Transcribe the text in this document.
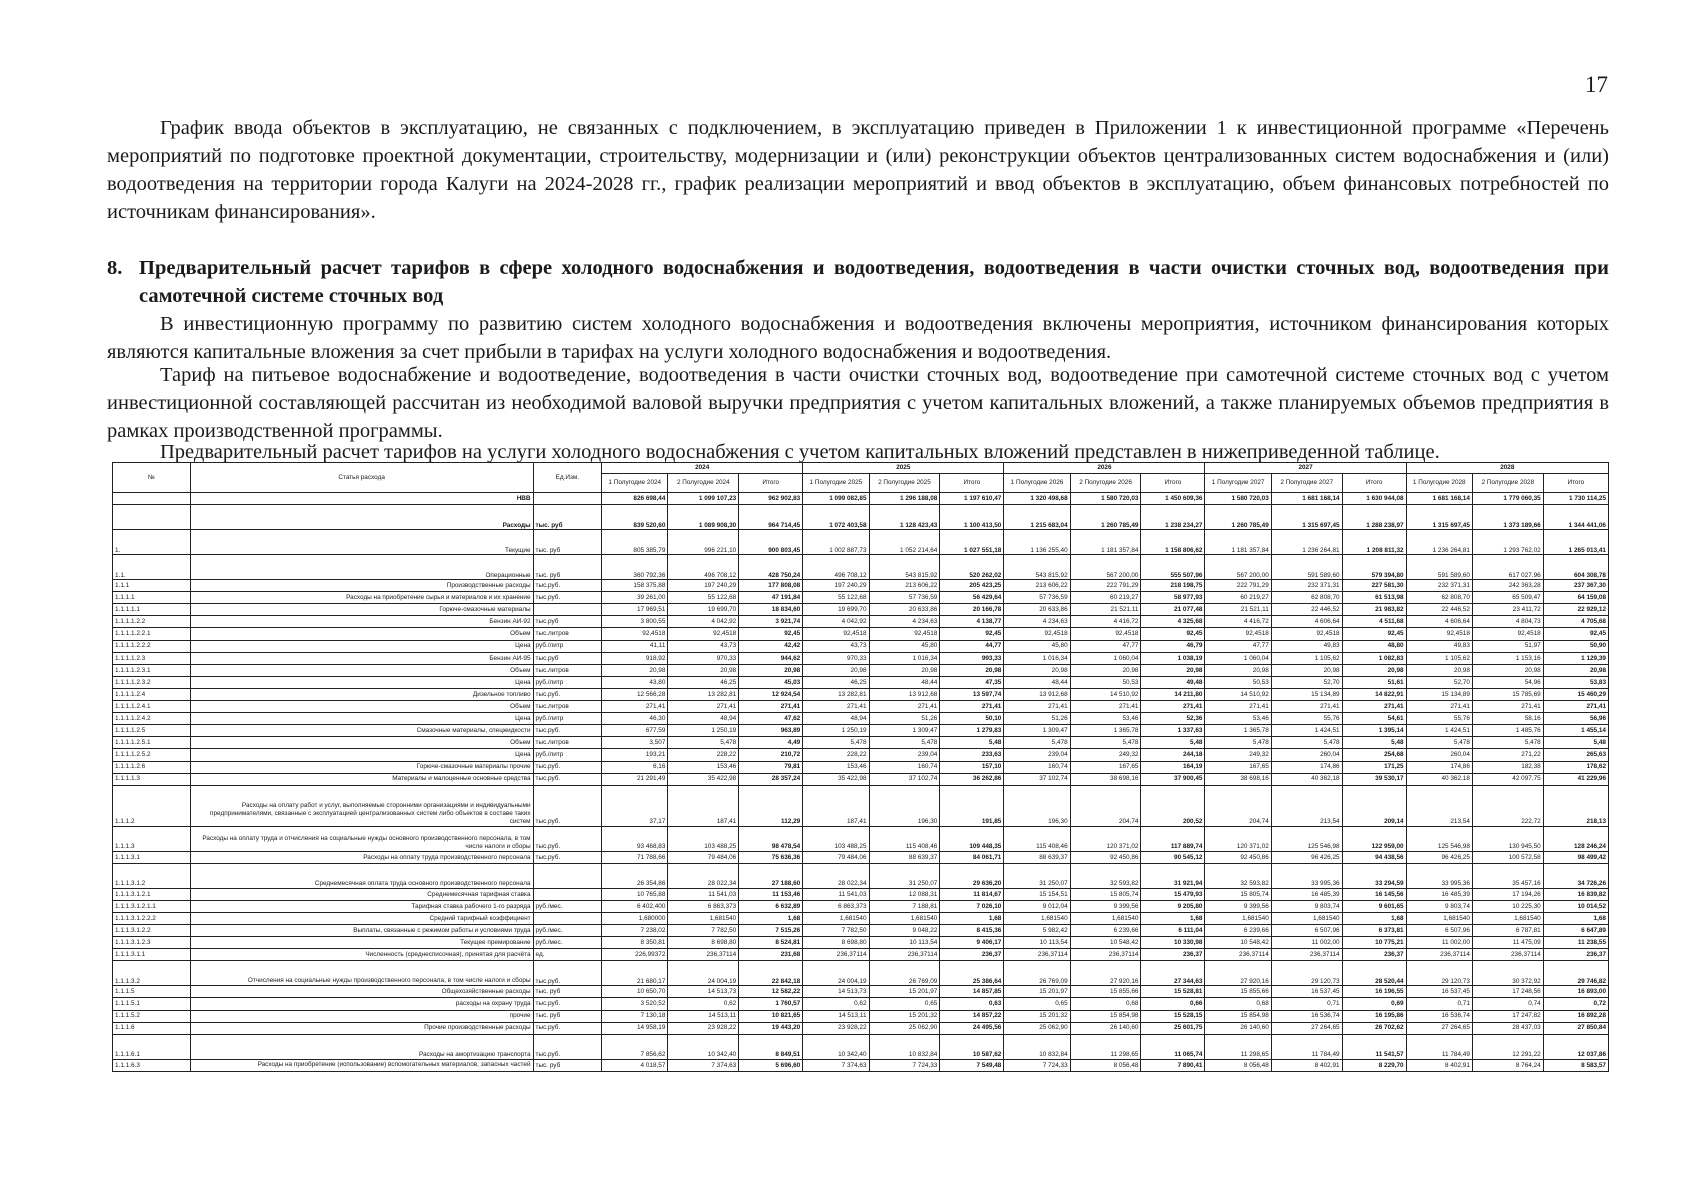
17

График ввода объектов в эксплуатацию, не связанных с подключением, в эксплуатацию приведен в Приложении 1 к инвестиционной программе «Перечень мероприятий по подготовке проектной документации, строительству, модернизации и (или) реконструкции объектов централизованных систем водоснабжения и (или) водоотведения на территории города Калуги на 2024-2028 гг., график реализации мероприятий и ввод объектов в эксплуатацию, объем финансовых потребностей по источникам финансирования».

8. Предварительный расчет тарифов в сфере холодного водоснабжения и водоотведения, водоотведения в части очистки сточных вод, водоотведения при самотечной системе сточных вод

В инвестиционную программу по развитию систем холодного водоснабжения и водоотведения включены мероприятия, источником финансирования которых являются капитальные вложения за счет прибыли в тарифах на услуги холодного водоснабжения и водоотведения.

Тариф на питьевое водоснабжение и водоотведение, водоотведения в части очистки сточных вод, водоотведение при самотечной системе сточных вод с учетом инвестиционной составляющей рассчитан из необходимой валовой выручки предприятия с учетом капитальных вложений, а также планируемых объемов предприятия в рамках производственной программы.

Предварительный расчет тарифов на услуги холодного водоснабжения с учетом капитальных вложений представлен в нижеприведенной таблице.

№	Статья расхода	Ед.Изм.	2024			2025			2026			2027			2028		
			1 Полугодие 2024	2 Полугодие 2024	Итого	1 Полугодие 2025	2 Полугодие 2025	Итого	1 Полугодие 2026	2 Полугодие 2026	Итого	1 Полугодие 2027	2 Полугодие 2027	Итого	1 Полугодие 2028	2 Полугодие 2028	Итого
	НВВ		826 698,44	1 099 107,23	962 902,83	1 099 082,85	1 296 188,08	1 197 610,47	1 320 498,68	1 580 720,03	1 450 609,36	1 580 720,03	1 681 168,14	1 630 944,08	1 681 168,14	1 779 060,35	1 730 114,25
	Расходы	тыс. руб	839 520,60	1 089 908,30	964 714,45	1 072 403,58	1 128 423,43	1 100 413,50	1 215 683,04	1 260 785,49	1 238 234,27	1 260 785,49	1 315 697,45	1 288 238,97	1 315 697,45	1 373 189,66	1 344 441,06
1.	Текущие	тыс. руб	805 385,79	996 221,10	900 803,45	1 002 887,73	1 052 214,64	1 027 551,18	1 136 255,40	1 181 357,84	1 158 806,62	1 181 357,84	1 236 264,81	1 208 811,32	1 236 264,81	1 293 762,02	1 265 013,41
1.1.	Операционные	тыс. руб	360 792,36	496 708,12	428 750,24	496 708,12	543 815,92	520 262,02	543 815,92	567 200,00	555 507,96	567 200,00	591 589,60	579 394,80	591 589,60	617 027,96	604 308,78
1.1.1	Производственные расходы	тыс.руб.	158 375,88	197 240,29	177 808,08	197 240,29	213 606,22	205 423,25	213 606,22	222 791,29	218 198,75	222 791,29	232 371,31	227 581,30	232 371,31	242 363,28	237 367,30
1.1.1.1	Расходы на приобретение сырья и материалов и их хранение	тыс.руб.	39 261,00	55 122,68	47 191,84	55 122,68	57 736,59	56 429,64	57 736,59	60 219,27	58 977,93	60 219,27	62 808,70	61 513,98	62 808,70	65 509,47	64 159,08
1.1.1.1.1	Горюче-смазочные материалы		17 969,51	19 699,70	18 834,60	19 699,70	20 633,86	20 166,78	20 633,86	21 521,11	21 077,48	21 521,11	22 446,52	21 983,82	22 446,52	23 411,72	22 929,12
1.1.1.1.2.2	Бензин АИ-92	тыс.руб	3 800,55	4 042,92	3 921,74	4 042,92	4 234,63	4 138,77	4 234,63	4 416,72	4 325,68	4 416,72	4 606,64	4 511,68	4 606,64	4 804,73	4 705,68
1.1.1.1.2.2.1	Объем	тыс.литров	92,4518	92,4518	92,45	92,4518	92,4518	92,45	92,4518	92,4518	92,45	92,4518	92,4518	92,45	92,4518	92,4518	92,45
1.1.1.1.2.2.2	Цена	руб./литр	41,11	43,73	42,42	43,73	45,80	44,77	45,80	47,77	46,79	47,77	49,83	48,80	49,83	51,97	50,90
1.1.1.1.2.3	Бензин АИ-95	тыс.руб	918,92	970,33	944,62	970,33	1 016,34	993,33	1 016,34	1 060,04	1 038,19	1 060,04	1 105,62	1 082,83	1 105,62	1 153,16	1 129,39
1.1.1.1.2.3.1	Объем	тыс.литров	20,98	20,98	20,98	20,98	20,98	20,98	20,98	20,98	20,98	20,98	20,98	20,98	20,98	20,98	20,98
1.1.1.1.2.3.2	Цена	руб./литр	43,80	46,25	45,03	46,25	48,44	47,35	48,44	50,53	49,48	50,53	52,70	51,61	52,70	54,96	53,83
1.1.1.1.2.4	Дизельное топливо	тыс.руб.	12 566,28	13 282,81	12 924,54	13 282,81	13 912,68	13 597,74	13 912,68	14 510,92	14 211,80	14 510,92	15 134,89	14 822,91	15 134,89	15 785,69	15 460,29
1.1.1.1.2.4.1	Объем	тыс.литров	271,41	271,41	271,41	271,41	271,41	271,41	271,41	271,41	271,41	271,41	271,41	271,41	271,41	271,41	271,41
1.1.1.1.2.4.2	Цена	руб./литр	46,30	48,94	47,62	48,94	51,26	50,10	51,26	53,46	52,36	53,46	55,76	54,61	55,76	58,16	56,96
1.1.1.1.2.5	Смазочные материалы, спецжидкости	тыс.руб.	677,59	1 250,19	963,89	1 250,19	1 309,47	1 279,83	1 309,47	1 365,78	1 337,63	1 365,78	1 424,51	1 395,14	1 424,51	1 485,76	1 455,14
1.1.1.1.2.5.1	Объем	тыс.литров	3,507	5,478	4,49	5,478	5,478	5,48	5,478	5,478	5,48	5,478	5,478	5,48	5,478	5,478	5,48
1.1.1.1.2.5.2	Цена	руб./литр	193,21	228,22	210,72	228,22	239,04	233,63	239,04	249,32	244,18	249,32	260,04	254,68	260,04	271,22	265,63
1.1.1.1.2.6	Горюче-смазочные материалы прочие	тыс.руб.	6,16	153,46	79,81	153,46	160,74	157,10	160,74	167,65	164,19	167,65	174,86	171,25	174,86	182,38	178,62
1.1.1.1.3	Материалы и малоценные основные средства	тыс.руб.	21 291,49	35 422,98	28 357,24	35 422,98	37 102,74	36 262,86	37 102,74	38 698,16	37 900,45	38 698,16	40 362,18	39 530,17	40 362,18	42 097,75	41 229,96
1.1.1.2	Расходы на оплату работ и услуг, выполняемые сторонними организациями и индивидуальными предпринимателями, связанные с эксплуатацией централизованных систем либо объектов в составе таких систем	тыс.руб.	37,17	187,41	112,29	187,41	196,30	191,85	196,30	204,74	200,52	204,74	213,54	209,14	213,54	222,72	218,13
1.1.1.3	Расходы на оплату труда и отчисления на социальные нужды основного производственного персонала, в том числе налоги и сборы	тыс.руб.	93 468,83	103 488,25	98 478,54	103 488,25	115 408,46	109 448,35	115 408,46	120 371,02	117 889,74	120 371,02	125 546,98	122 959,00	125 546,98	130 945,50	128 246,24
1.1.1.3.1	Расходы на оплату труда производственного персонала	тыс.руб.	71 788,66	79 484,06	75 636,36	79 484,06	88 639,37	84 061,71	88 639,37	92 450,86	90 545,12	92 450,86	96 426,25	94 438,56	96 426,25	100 572,58	98 499,42
1.1.1.3.1.2	Среднемесячная оплата труда основного производственного персонала		26 354,86	28 022,34	27 188,60	28 022,34	31 250,07	29 636,20	31 250,07	32 593,82	31 921,94	32 593,82	33 995,36	33 294,59	33 995,36	35 457,16	34 726,26
1.1.1.3.1.2.1	Среднемесячная тарифная ставка		10 765,88	11 541,03	11 153,46	11 541,03	12 088,31	11 814,67	15 154,51	15 805,74	15 479,93	15 805,74	16 485,39	16 145,56	16 485,39	17 194,26	16 839,82
1.1.1.3.1.2.1.1	Тарифная ставка рабочего 1-го разряда	руб./мес.	6 402,400	6 863,373	6 632,89	6 863,373	7 188,81	7 026,10	9 012,04	9 399,56	9 205,80	9 399,56	9 803,74	9 601,65	9 803,74	10 225,30	10 014,52
1.1.1.3.1.2.2.2	Средний тарифный коэффициент		1,680000	1,681540	1,68	1,681540	1,681540	1,68	1,681540	1,681540	1,68	1,681540	1,681540	1,68	1,681540	1,681540	1,68
1.1.1.3.1.2.2	Выплаты, связанные с режимом работы и условиями труда	руб./мес.	7 238,02	7 782,50	7 515,26	7 782,50	9 048,22	8 415,36	5 982,42	6 239,66	6 111,04	6 239,66	6 507,96	6 373,81	6 507,96	6 787,81	6 647,89
1.1.1.3.1.2.3	Текущее премирование	руб./мес.	8 350,81	8 698,80	8 524,81	8 698,80	10 113,54	9 406,17	10 113,54	10 548,42	10 330,98	10 548,42	11 002,00	10 775,21	11 002,00	11 475,09	11 238,55
1.1.1.3.1.1	Численность (среднесписочная), принятая для расчёта	ед.	226,99372	236,37114	231,68	236,37114	236,37114	236,37	236,37114	236,37114	236,37	236,37114	236,37114	236,37	236,37114	236,37114	236,37
1.1.1.3.2	Отчисления на социальные нужды производственного персонала, в том числе налоги и сборы	тыс.руб.	21 680,17	24 004,19	22 842,18	24 004,19	26 769,09	25 386,64	26 769,09	27 920,16	27 344,63	27 920,16	29 120,73	28 520,44	29 120,73	30 372,92	29 746,82
1.1.1.5	Общехозяйственные расходы	тыс. руб	10 650,70	14 513,73	12 582,22	14 513,73	15 201,97	14 857,85	15 201,97	15 855,66	15 528,81	15 855,66	16 537,45	16 196,55	16 537,45	17 248,56	16 893,00
1.1.1.5.1	расходы на охрану труда	тыс.руб.	3 520,52	0,62	1 760,57	0,62	0,65	0,63	0,65	0,68	0,66	0,68	0,71	0,69	0,71	0,74	0,72
1.1.1.5.2	прочие	тыс. руб	7 130,18	14 513,11	10 821,65	14 513,11	15 201,32	14 857,22	15 201,32	15 854,98	15 528,15	15 854,98	16 536,74	16 195,86	16 536,74	17 247,82	16 892,28
1.1.1.6	Прочие производственные расходы	тыс.руб.	14 958,19	23 928,22	19 443,20	23 928,22	25 062,90	24 495,56	25 062,90	26 140,60	25 601,75	26 140,60	27 264,65	26 702,62	27 264,65	28 437,03	27 850,84
1.1.1.6.1	Расходы на амортизацию транспорта	тыс.руб.	7 856,62	10 342,40	8 849,51	10 342,40	10 832,84	10 587,62	10 832,84	11 298,65	11 065,74	11 298,65	11 784,49	11 541,57	11 784,49	12 291,22	12 037,86
1.1.1.6.3	Расходы на приобретение (использование) вспомогательных материалов, запасных частей	тыс. руб	4 018,57	7 374,63	5 696,60	7 374,63	7 724,33	7 549,48	7 724,33	8 056,48	7 890,41	8 056,48	8 402,91	8 229,70	8 402,91	8 764,24	8 583,57
